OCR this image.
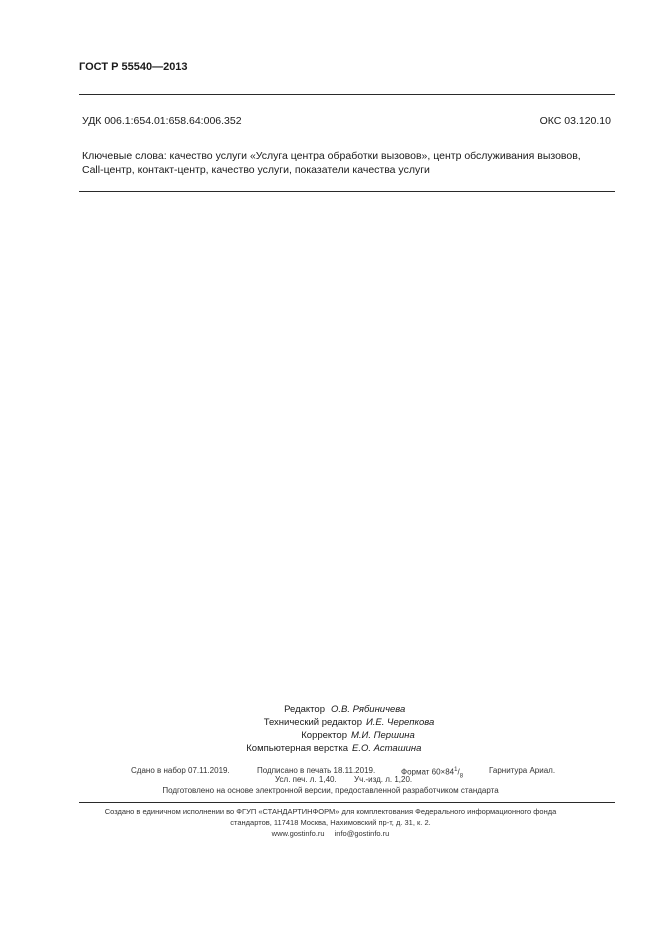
ГОСТ Р 55540—2013
УДК 006.1:654.01:658.64:006.352	ОКС 03.120.10
Ключевые слова: качество услуги «Услуга центра обработки вызовов», центр обслуживания вызовов,
Call-центр, контакт-центр, качество услуги, показатели качества услуги
Редактор О.В. Рябиничева
Технический редактор И.Е. Черепкова
Корректор М.И. Першина
Компьютерная верстка Е.О. Асташина
Сдано в набор 07.11.2019.	Подписано в печать 18.11.2019.	Формат $60\times 84^1/_8$
Гарнитура Ариал.
Усл. печ. л. 1,40. Уч.-изд. л. 1,20.
Подготовлено на основе электронной версии, предоставленной разработчиком стандарта
Создано в единичном исполнении во ФГУП «СТАНДАРТИНФОРМ» для комплектования Федерального информационного фонда
стандартов, 117418 Москва, Нахимовский пр-т, д. 31, к. 2.
www.gostinfo.ru info@gostinfo.ru
